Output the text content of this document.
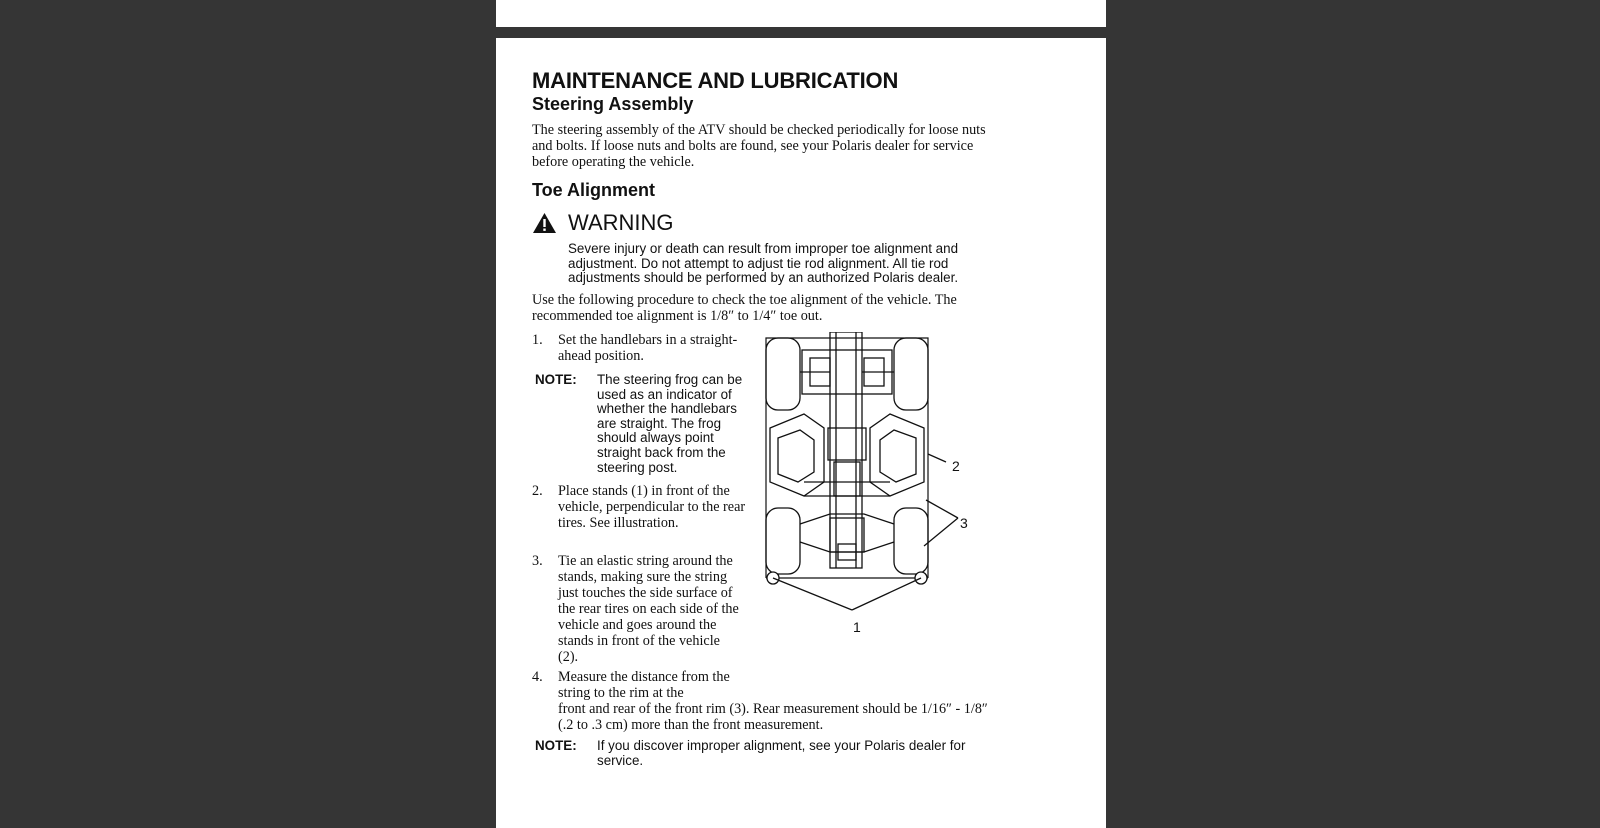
MAINTENANCE AND LUBRICATION
Steering Assembly

The steering assembly of the ATV should be checked periodically for loose nuts and bolts. If loose nuts and bolts are found, see your Polaris dealer for service before operating the vehicle.

Toe Alignment
WARNING

Severe injury or death can result from improper toe alignment and adjustment. Do not attempt to adjust tie rod alignment. All tie rod adjustments should be performed by an authorized Polaris dealer.

Use the following procedure to check the toe alignment of the vehicle. The recommended toe alignment is 1/8″ to 1/4″ toe out.

1. Set the handlebars in a straight-ahead position.

NOTE: The steering frog can be used as an indicator of whether the handlebars are straight. The frog should always point straight back from the steering post.

2. Place stands (1) in front of the vehicle, perpendicular to the rear tires. See illustration.

3. Tie an elastic string around the stands, making sure the string just touches the side surface of the rear tires on each side of the vehicle and goes around the stands in front of the vehicle (2).

4. Measure the distance from the string to the rim at the

front and rear of the front rim (3). Rear measurement should be 1/16″ - 1/8″ (.2 to .3 cm) more than the front measurement.

NOTE: If you discover improper alignment, see your Polaris dealer for service.

1
2
3
